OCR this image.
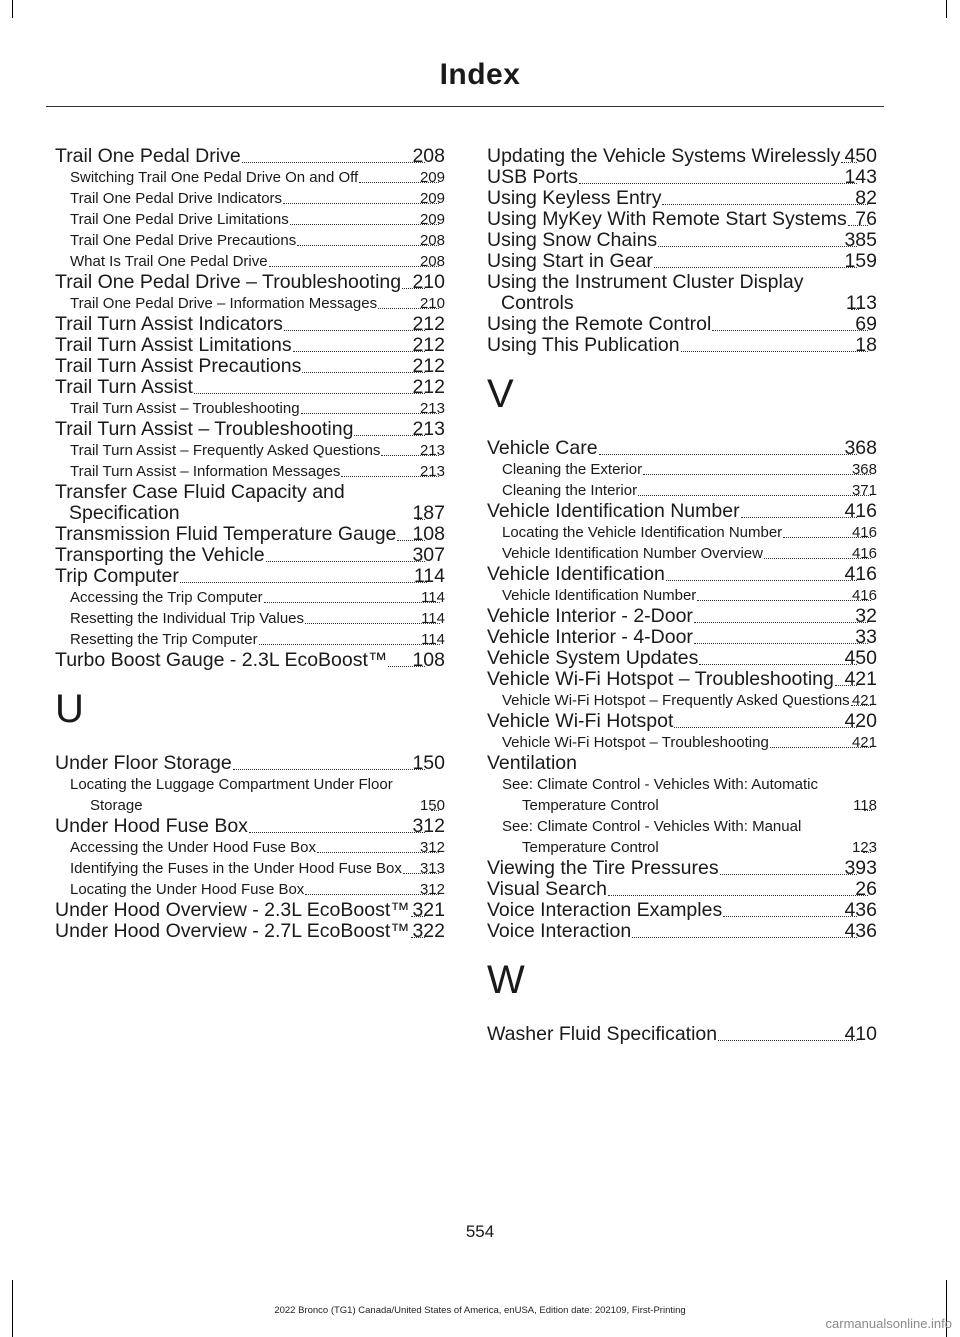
Index
Trail One Pedal Drive	208
Switching Trail One Pedal Drive On and Off	209
Trail One Pedal Drive Indicators	209
Trail One Pedal Drive Limitations	209
Trail One Pedal Drive Precautions	208
What Is Trail One Pedal Drive	208
Trail One Pedal Drive – Troubleshooting 210
Trail One Pedal Drive – Information Messages	210
Trail Turn Assist Indicators	212
Trail Turn Assist Limitations	212
Trail Turn Assist Precautions	212
Trail Turn Assist	212
Trail Turn Assist – Troubleshooting	213
Trail Turn Assist – Troubleshooting	213
Trail Turn Assist – Frequently Asked Questions	213
Trail Turn Assist – Information Messages	213
Transfer Case Fluid Capacity and Specification	187
Transmission Fluid Temperature Gauge 108
Transporting the Vehicle	307
Trip Computer	114
Accessing the Trip Computer	114
Resetting the Individual Trip Values	114
Resetting the Trip Computer	114
Turbo Boost Gauge - 2.3L EcoBoost™ 108
U
Under Floor Storage	150
Locating the Luggage Compartment Under Floor Storage	150
Under Hood Fuse Box	312
Accessing the Under Hood Fuse Box	312
Identifying the Fuses in the Under Hood Fuse Box 313
Locating the Under Hood Fuse Box	312
Under Hood Overview - 2.3L EcoBoost™ 321
Under Hood Overview - 2.7L EcoBoost™ 322
Updating the Vehicle Systems Wirelessly 450
USB Ports	143
Using Keyless Entry	82
Using MyKey With Remote Start Systems 76
Using Snow Chains	385
Using Start in Gear	159
Using the Instrument Cluster Display Controls	113
Using the Remote Control	69
Using This Publication	18
V
Vehicle Care	368
Cleaning the Exterior	368
Cleaning the Interior	371
Vehicle Identification Number	416
Locating the Vehicle Identification Number	416
Vehicle Identification Number Overview	416
Vehicle Identification	416
Vehicle Identification Number	416
Vehicle Interior - 2-Door	32
Vehicle Interior - 4-Door	33
Vehicle System Updates	450
Vehicle Wi-Fi Hotspot – Troubleshooting 421
Vehicle Wi-Fi Hotspot – Frequently Asked Questions 421
Vehicle Wi-Fi Hotspot	420
Vehicle Wi-Fi Hotspot – Troubleshooting	421
Ventilation
See: Climate Control - Vehicles With: Automatic Temperature Control	118
See: Climate Control - Vehicles With: Manual Temperature Control	123
Viewing the Tire Pressures	393
Visual Search	26
Voice Interaction Examples	436
Voice Interaction	436
W
Washer Fluid Specification	410
554
2022 Bronco (TG1) Canada/United States of America, enUSA, Edition date: 202109, First-Printing
carmanualsonline.info
